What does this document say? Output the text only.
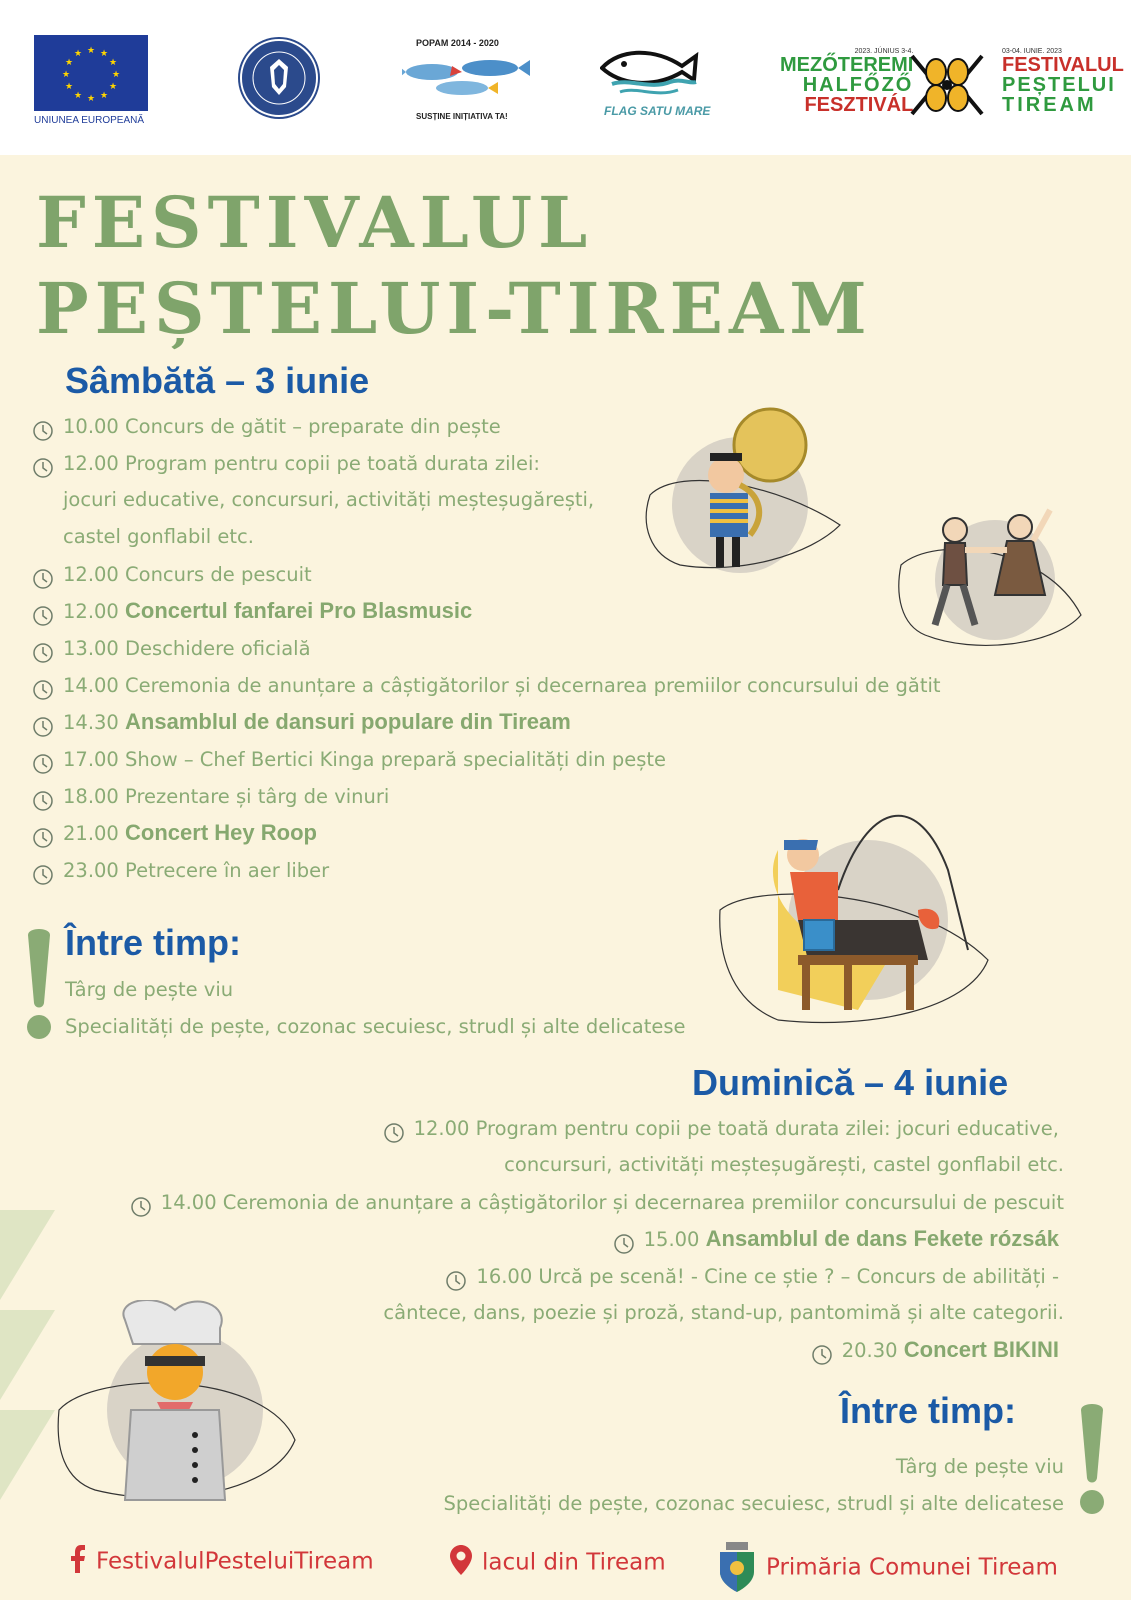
★ ★
★
★
★
★
★
★
★
★
★
★
UNIUNEA EUROPEANĂ
POPAM 2014 - 2020
SUSȚINE INIȚIATIVA TA!	FLAG SATU MARE
2023. JÚNIUS 3-4.
MEZŐTEREMI
HALFŐZŐ
FESZTIVÁL
03-04. IUNIE. 2023
FESTIVALUL
PEȘTELUI
TIREAM
FESTIVALUL
PEȘTELUI-TIREAM
Sâmbătă – 3 iunie
10.00 Concurs de gătit – preparate din pește
12.00 Program pentru copii pe toată durata zilei:
jocuri educative, concursuri, activități meșteșugărești,
castel gonflabil etc.
12.00 Concurs de pescuit
12.00 Concertul fanfarei Pro Blasmusic
13.00 Deschidere oficială
14.00 Ceremonia de anunțare a câștigătorilor și decernarea premiilor concursului de gătit
14.30 Ansamblul de dansuri populare din Tiream
17.00 Show – Chef Bertici Kinga prepară specialități din pește
18.00 Prezentare și târg de vinuri
21.00 Concert Hey Roop
23.00 Petrecere în aer liber
Între timp:
Târg de pește viu
Specialități de pește, cozonac secuiesc, strudl și alte delicatese
Duminică – 4 iunie
12.00 Program pentru copii pe toată durata zilei: jocuri educative,
concursuri, activități meșteșugărești, castel gonflabil etc.
14.00 Ceremonia de anunțare a câștigătorilor și decernarea premiilor concursului de pescuit
15.00 Ansamblul de dans Fekete rózsák
16.00 Urcă pe scenă! - Cine ce știe ? – Concurs de abilități -
cântece, dans, poezie și proză, stand-up, pantomimă și alte categorii.
20.30 Concert BIKINI
Între timp:
Târg de pește viu
Specialități de pește, cozonac secuiesc, strudl și alte delicatese
FestivalulPesteluiTiream	lacul din Tiream	Primăria Comunei Tiream
